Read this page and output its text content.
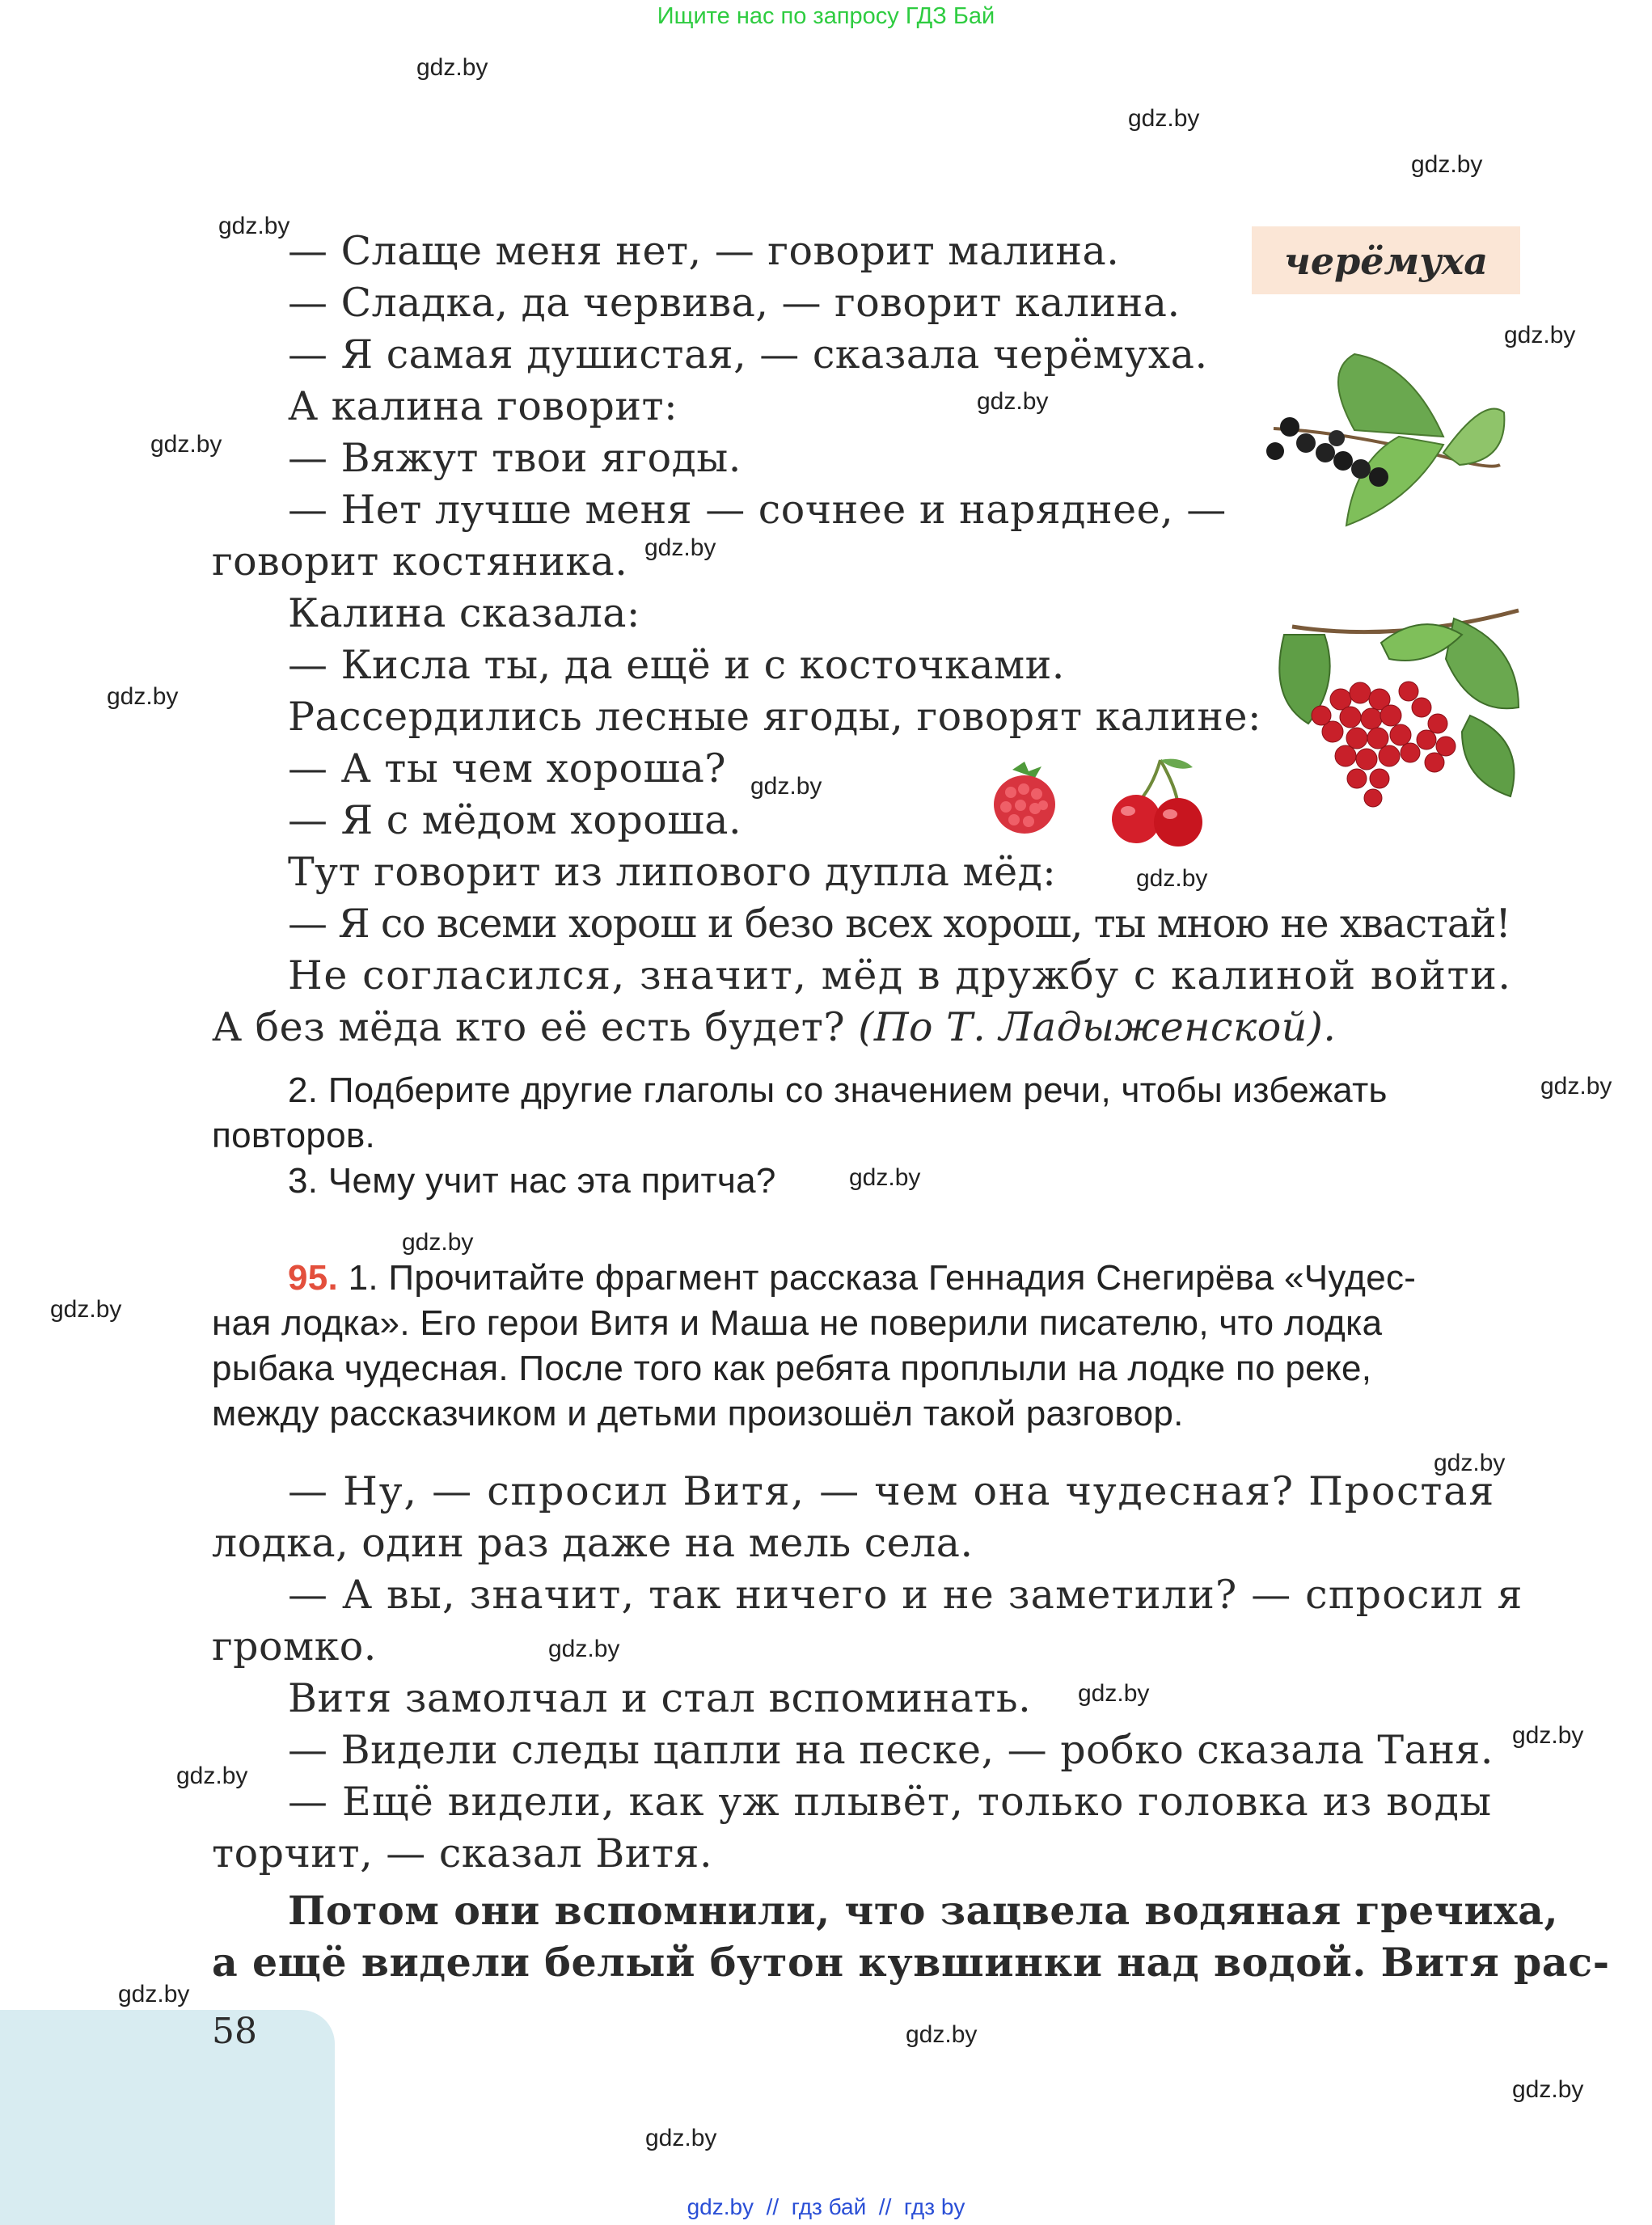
Ищите нас по запросу ГДЗ Бай
черёмуха
— Слаще меня нет, — говорит малина.
— Сладка, да червива, — говорит калина.
— Я самая душистая, — сказала черёмуха.
А калина говорит:
— Вяжут твои ягоды.
— Нет лучше меня — сочнее и наряднее, —
говорит костяника.
Калина сказала:
— Кисла ты, да ещё и с косточками.
Рассердились лесные ягоды, говорят калине:
— А ты чем хороша?
— Я с мёдом хороша.
Тут говорит из липового дупла мёд:
— Я со всеми хорош и безо всех хорош, ты мною не хвастай!
Не согласился, значит, мёд в дружбу с калиной войти.
А без мёда кто её есть будет? (По Т. Ладыженской).
2. Подберите другие глаголы со значением речи, чтобы избежать
повторов.
3. Чему учит нас эта притча?
95. 1. Прочитайте фрагмент рассказа Геннадия Снегирёва «Чудес-
ная лодка». Его герои Витя и Маша не поверили писателю, что лодка
рыбака чудесная. После того как ребята проплыли на лодке по реке,
между рассказчиком и детьми произошёл такой разговор.
— Ну, — спросил Витя, — чем она чудесная? Простая
лодка, один раз даже на мель села.
— А вы, значит, так ничего и не заметили? — спросил я
громко.
Витя замолчал и стал вспоминать.
— Видели следы цапли на песке, — робко сказала Таня.
— Ещё видели, как уж плывёт, только головка из воды
торчит, — сказал Витя.
Потом они вспомнили, что зацвела водяная гречиха,
а ещё видели белый бутон кувшинки над водой. Витя рас-
58
gdz.by
gdz.by
gdz.by
gdz.by
gdz.by
gdz.by
gdz.by
gdz.by
gdz.by
gdz.by
gdz.by
gdz.by
gdz.by
gdz.by
gdz.by
gdz.by
gdz.by
gdz.by
gdz.by
gdz.by
gdz.by
gdz.by
gdz.by
gdz.by
gdz.by  //  гдз бай  //  гдз by
